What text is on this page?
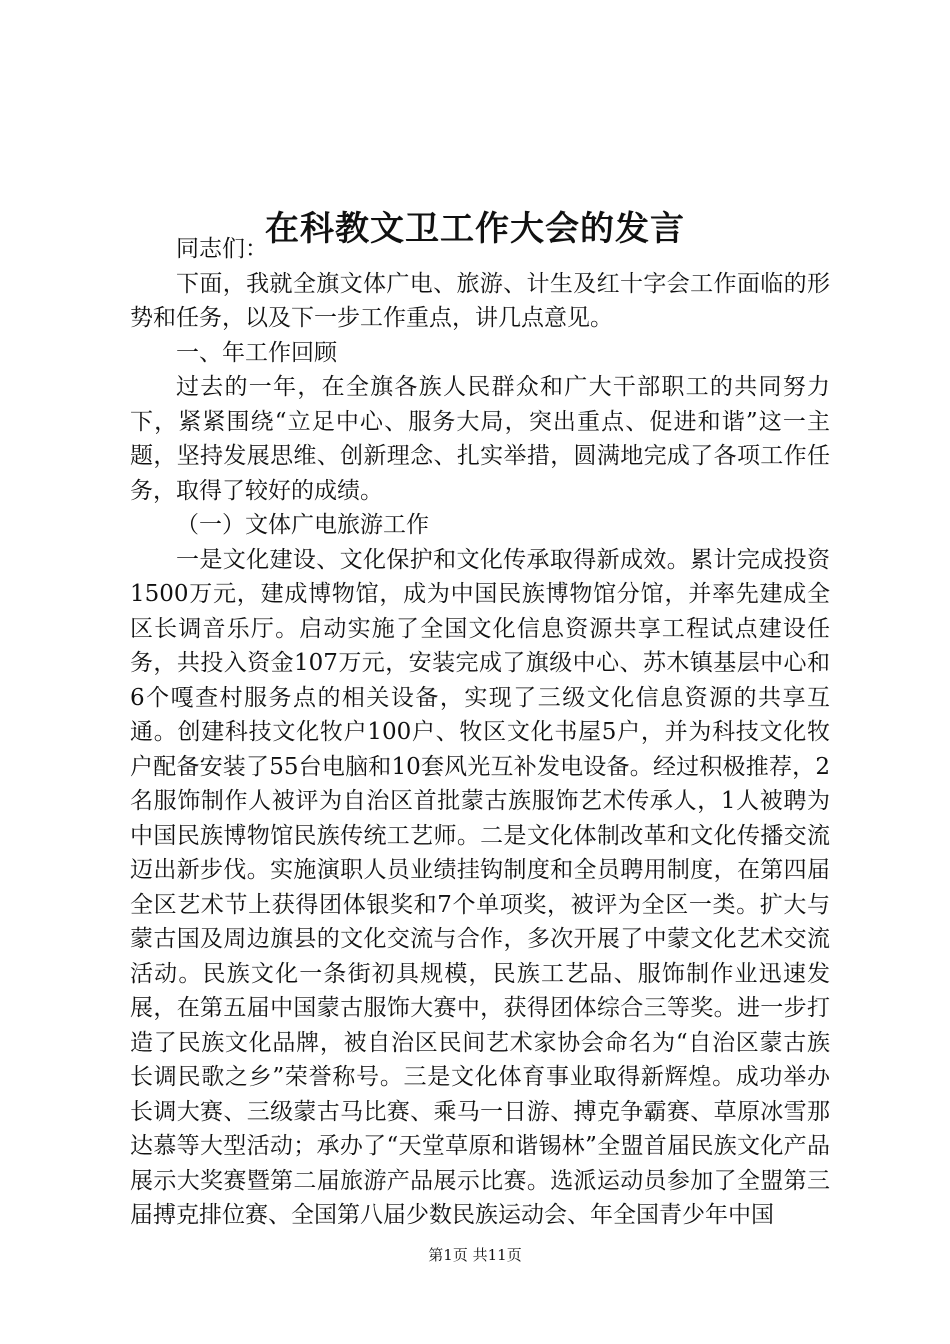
在科教文卫工作大会的发言

同志们：

下面，我就全旗文体广电、旅游、计生及红十字会工作面临的形势和任务，以及下一步工作重点，讲几点意见。

一、年工作回顾

过去的一年，在全旗各族人民群众和广大干部职工的共同努力下，紧紧围绕“立足中心、服务大局，突出重点、促进和谐”这一主题，坚持发展思维、创新理念、扎实举措，圆满地完成了各项工作任务，取得了较好的成绩。

（一）文体广电旅游工作

一是文化建设、文化保护和文化传承取得新成效。累计完成投资1500万元，建成博物馆，成为中国民族博物馆分馆，并率先建成全区长调音乐厅。启动实施了全国文化信息资源共享工程试点建设任务，共投入资金107万元，安装完成了旗级中心、苏木镇基层中心和6个嘎查村服务点的相关设备，实现了三级文化信息资源的共享互通。创建科技文化牧户100户、牧区文化书屋5户，并为科技文化牧户配备安装了55台电脑和10套风光互补发电设备。经过积极推荐，2名服饰制作人被评为自治区首批蒙古族服饰艺术传承人，1人被聘为中国民族博物馆民族传统工艺师。二是文化体制改革和文化传播交流迈出新步伐。实施演职人员业绩挂钩制度和全员聘用制度，在第四届全区艺术节上获得团体银奖和7个单项奖，被评为全区一类。扩大与蒙古国及周边旗县的文化交流与合作，多次开展了中蒙文化艺术交流活动。民族文化一条街初具规模，民族工艺品、服饰制作业迅速发展，在第五届中国蒙古服饰大赛中，获得团体综合三等奖。进一步打造了民族文化品牌，被自治区民间艺术家协会命名为“自治区蒙古族长调民歌之乡”荣誉称号。三是文化体育事业取得新辉煌。成功举办长调大赛、三级蒙古马比赛、乘马一日游、搏克争霸赛、草原冰雪那达慕等大型活动；承办了“天堂草原和谐锡林”全盟首届民族文化产品展示大奖赛暨第二届旅游产品展示比赛。选派运动员参加了全盟第三届搏克排位赛、全国第八届少数民族运动会、年全国青少年中国

第1页 共11页
